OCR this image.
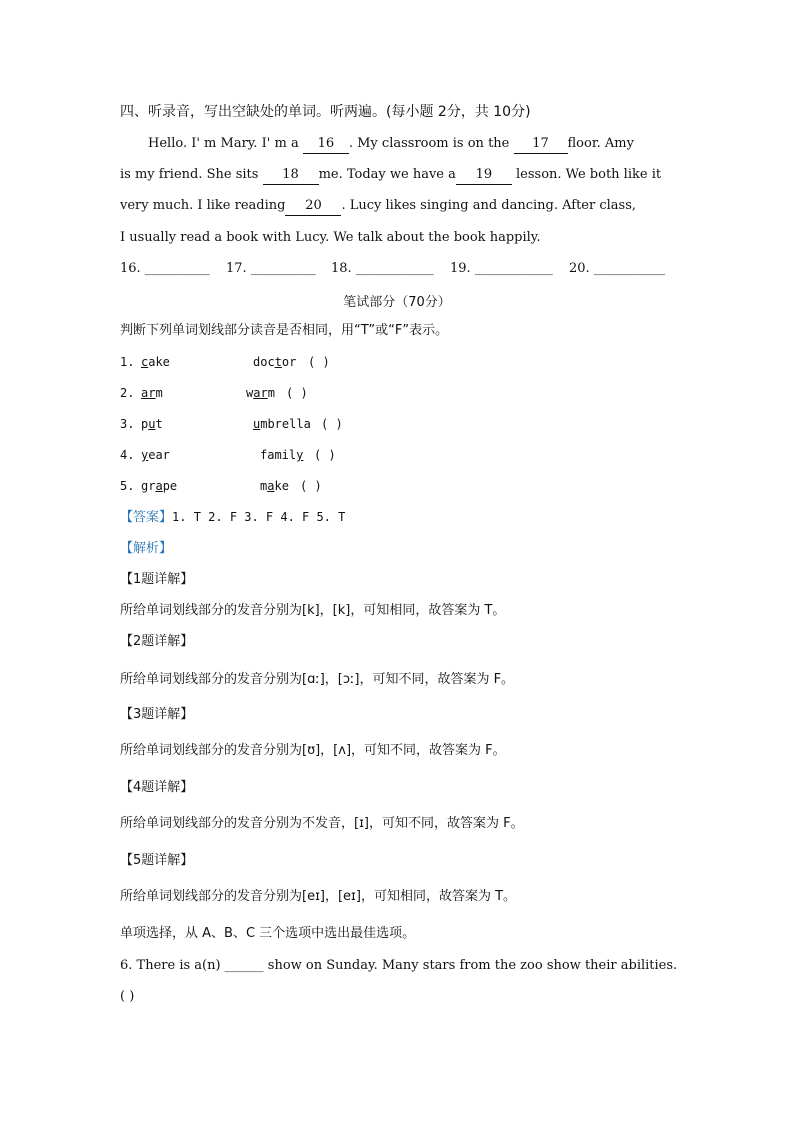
四、听录音，写出空缺处的单词。听两遍。(每小题 2分，共 10分)
Hello. I' m Mary. I' m a 16 . My classroom is on the 17 floor. Amy
is my friend. She sits 18 me. Today we have a 19 lesson. We both like it
very much. I like reading 20 . Lucy likes singing and dancing. After class,
I usually read a book with Lucy. We talk about the book happily.
16. __________ 17. __________ 18. ____________ 19. ____________ 20. ___________
笔试部分（70分）
判断下列单词划线部分读音是否相同，用“T”或“F”表示。
1. cake	doctor ( )
2. arm	warm ( )
3. put	umbrella ( )
4. year	family ( )
5. grape	make ( )
【答案】1. T 2. F 3. F 4. F 5. T
【解析】
【1题详解】
所给单词划线部分的发音分别为[k]，[k]，可知相同，故答案为 T。
【2题详解】
所给单词划线部分的发音分别为[ɑː]，[ɔː]，可知不同，故答案为 F。
【3题详解】
所给单词划线部分的发音分别为[ʊ]，[ʌ]，可知不同，故答案为 F。
【4题详解】
所给单词划线部分的发音分别为不发音，[ɪ]，可知不同，故答案为 F。
【5题详解】
所给单词划线部分的发音分别为[eɪ]，[eɪ]，可知相同，故答案为 T。
单项选择，从 A、B、C 三个选项中选出最佳选项。
6. There is a(n) ______ show on Sunday. Many stars from the zoo show their abilities.
( )
